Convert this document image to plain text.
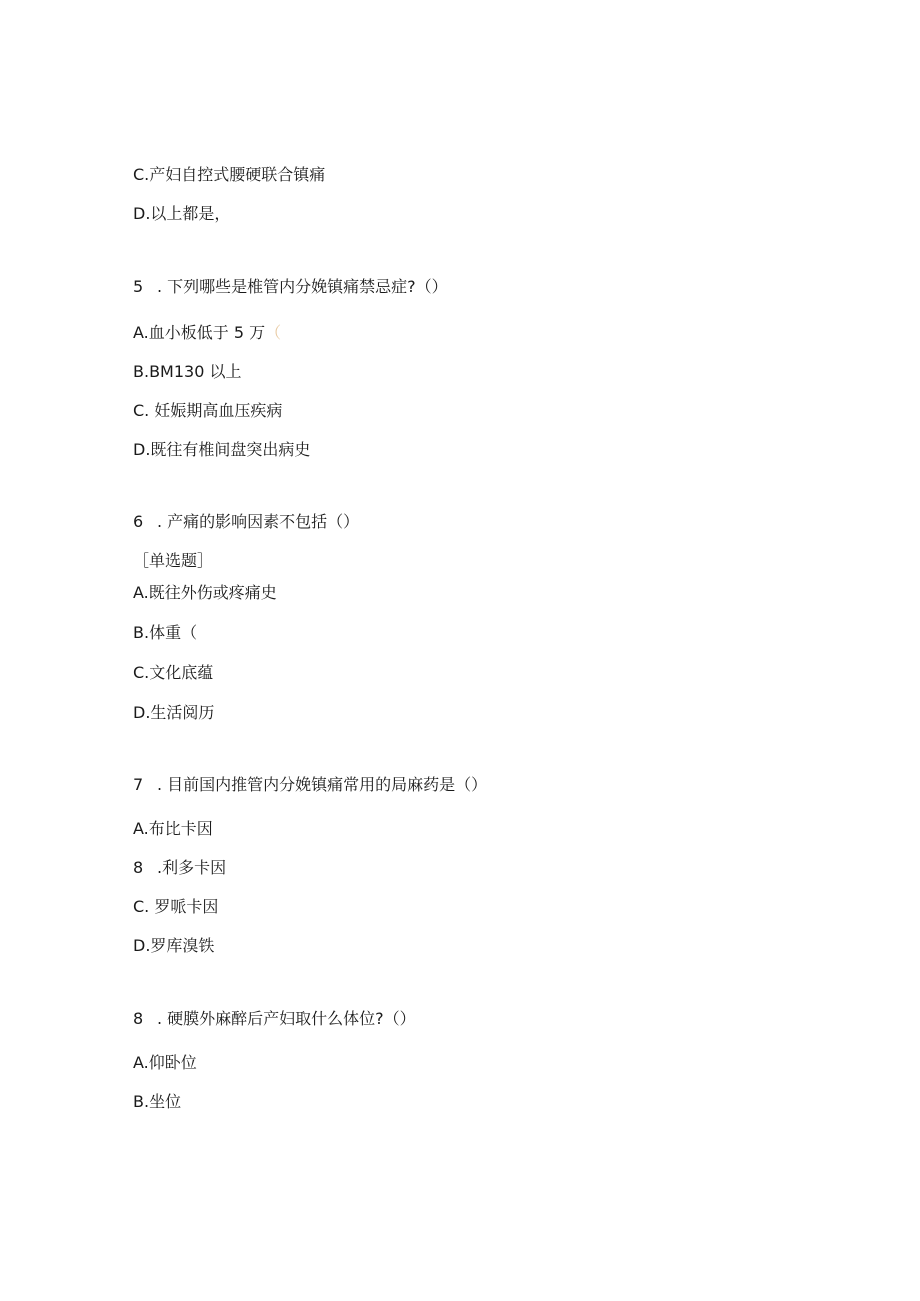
C.产妇自控式腰硬联合镇痛
D.以上都是，
5 . 下列哪些是椎管内分娩镇痛禁忌症?（）
A.血小板低于 5 万（
B.BM130 以上
C. 妊娠期高血压疾病
D.既往有椎间盘突出病史
6 . 产痛的影响因素不包括（）
［单选题］
A.既往外伤或疼痛史
B.体重（
C.文化底蕴
D.生活阅历
7 . 目前国内推管内分娩镇痛常用的局麻药是（）
A.布比卡因
8 .利多卡因
C. 罗哌卡因
D.罗库溴铁
8 . 硬膜外麻醉后产妇取什么体位?（）
A.仰卧位
B.坐位
